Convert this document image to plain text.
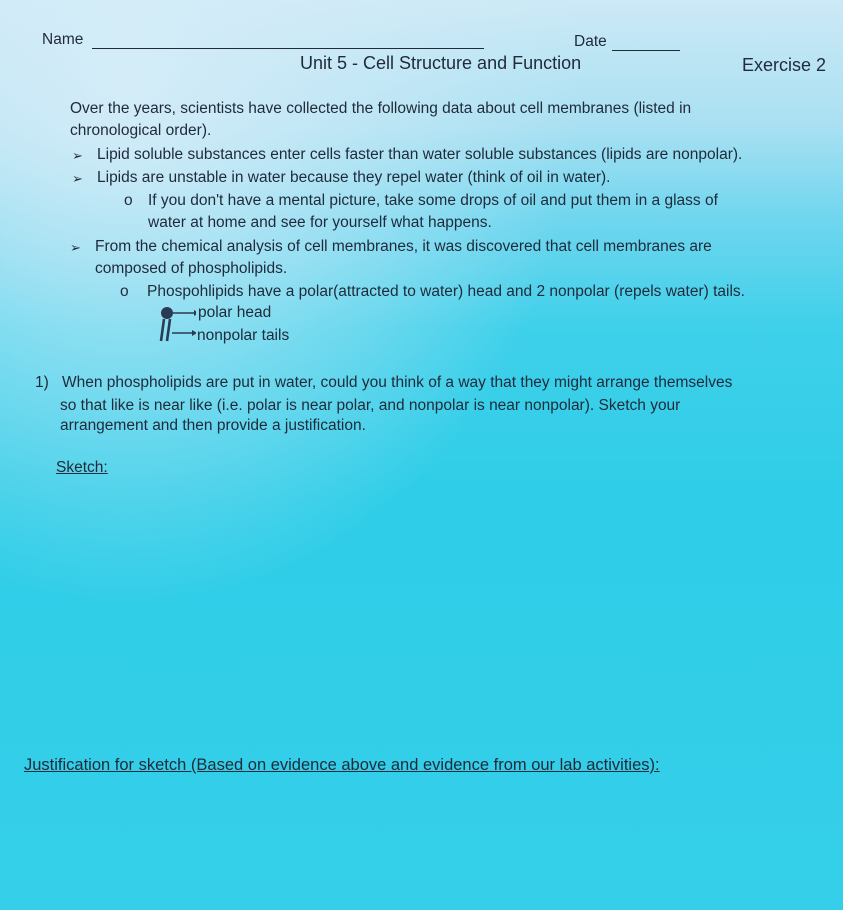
Name	Date
Unit 5 - Cell Structure and Function	Exercise 2
Over the years, scientists have collected the following data about cell membranes (listed in
chronological order).
➢ Lipid soluble substances enter cells faster than water soluble substances (lipids are nonpolar).
➢ Lipids are unstable in water because they repel water (think of oil in water).
o If you don't have a mental picture, take some drops of oil and put them in a glass of
water at home and see for yourself what happens.
➢ From the chemical analysis of cell membranes, it was discovered that cell membranes are
composed of phospholipids.
o Phospohlipids have a polar(attracted to water) head and 2 nonpolar (repels water) tails.
polar head
nonpolar tails
1) When phospholipids are put in water, could you think of a way that they might arrange themselves
so that like is near like (i.e. polar is near polar, and nonpolar is near nonpolar). Sketch your
arrangement and then provide a justification.
Sketch:
Justification for sketch (Based on evidence above and evidence from our lab activities):
